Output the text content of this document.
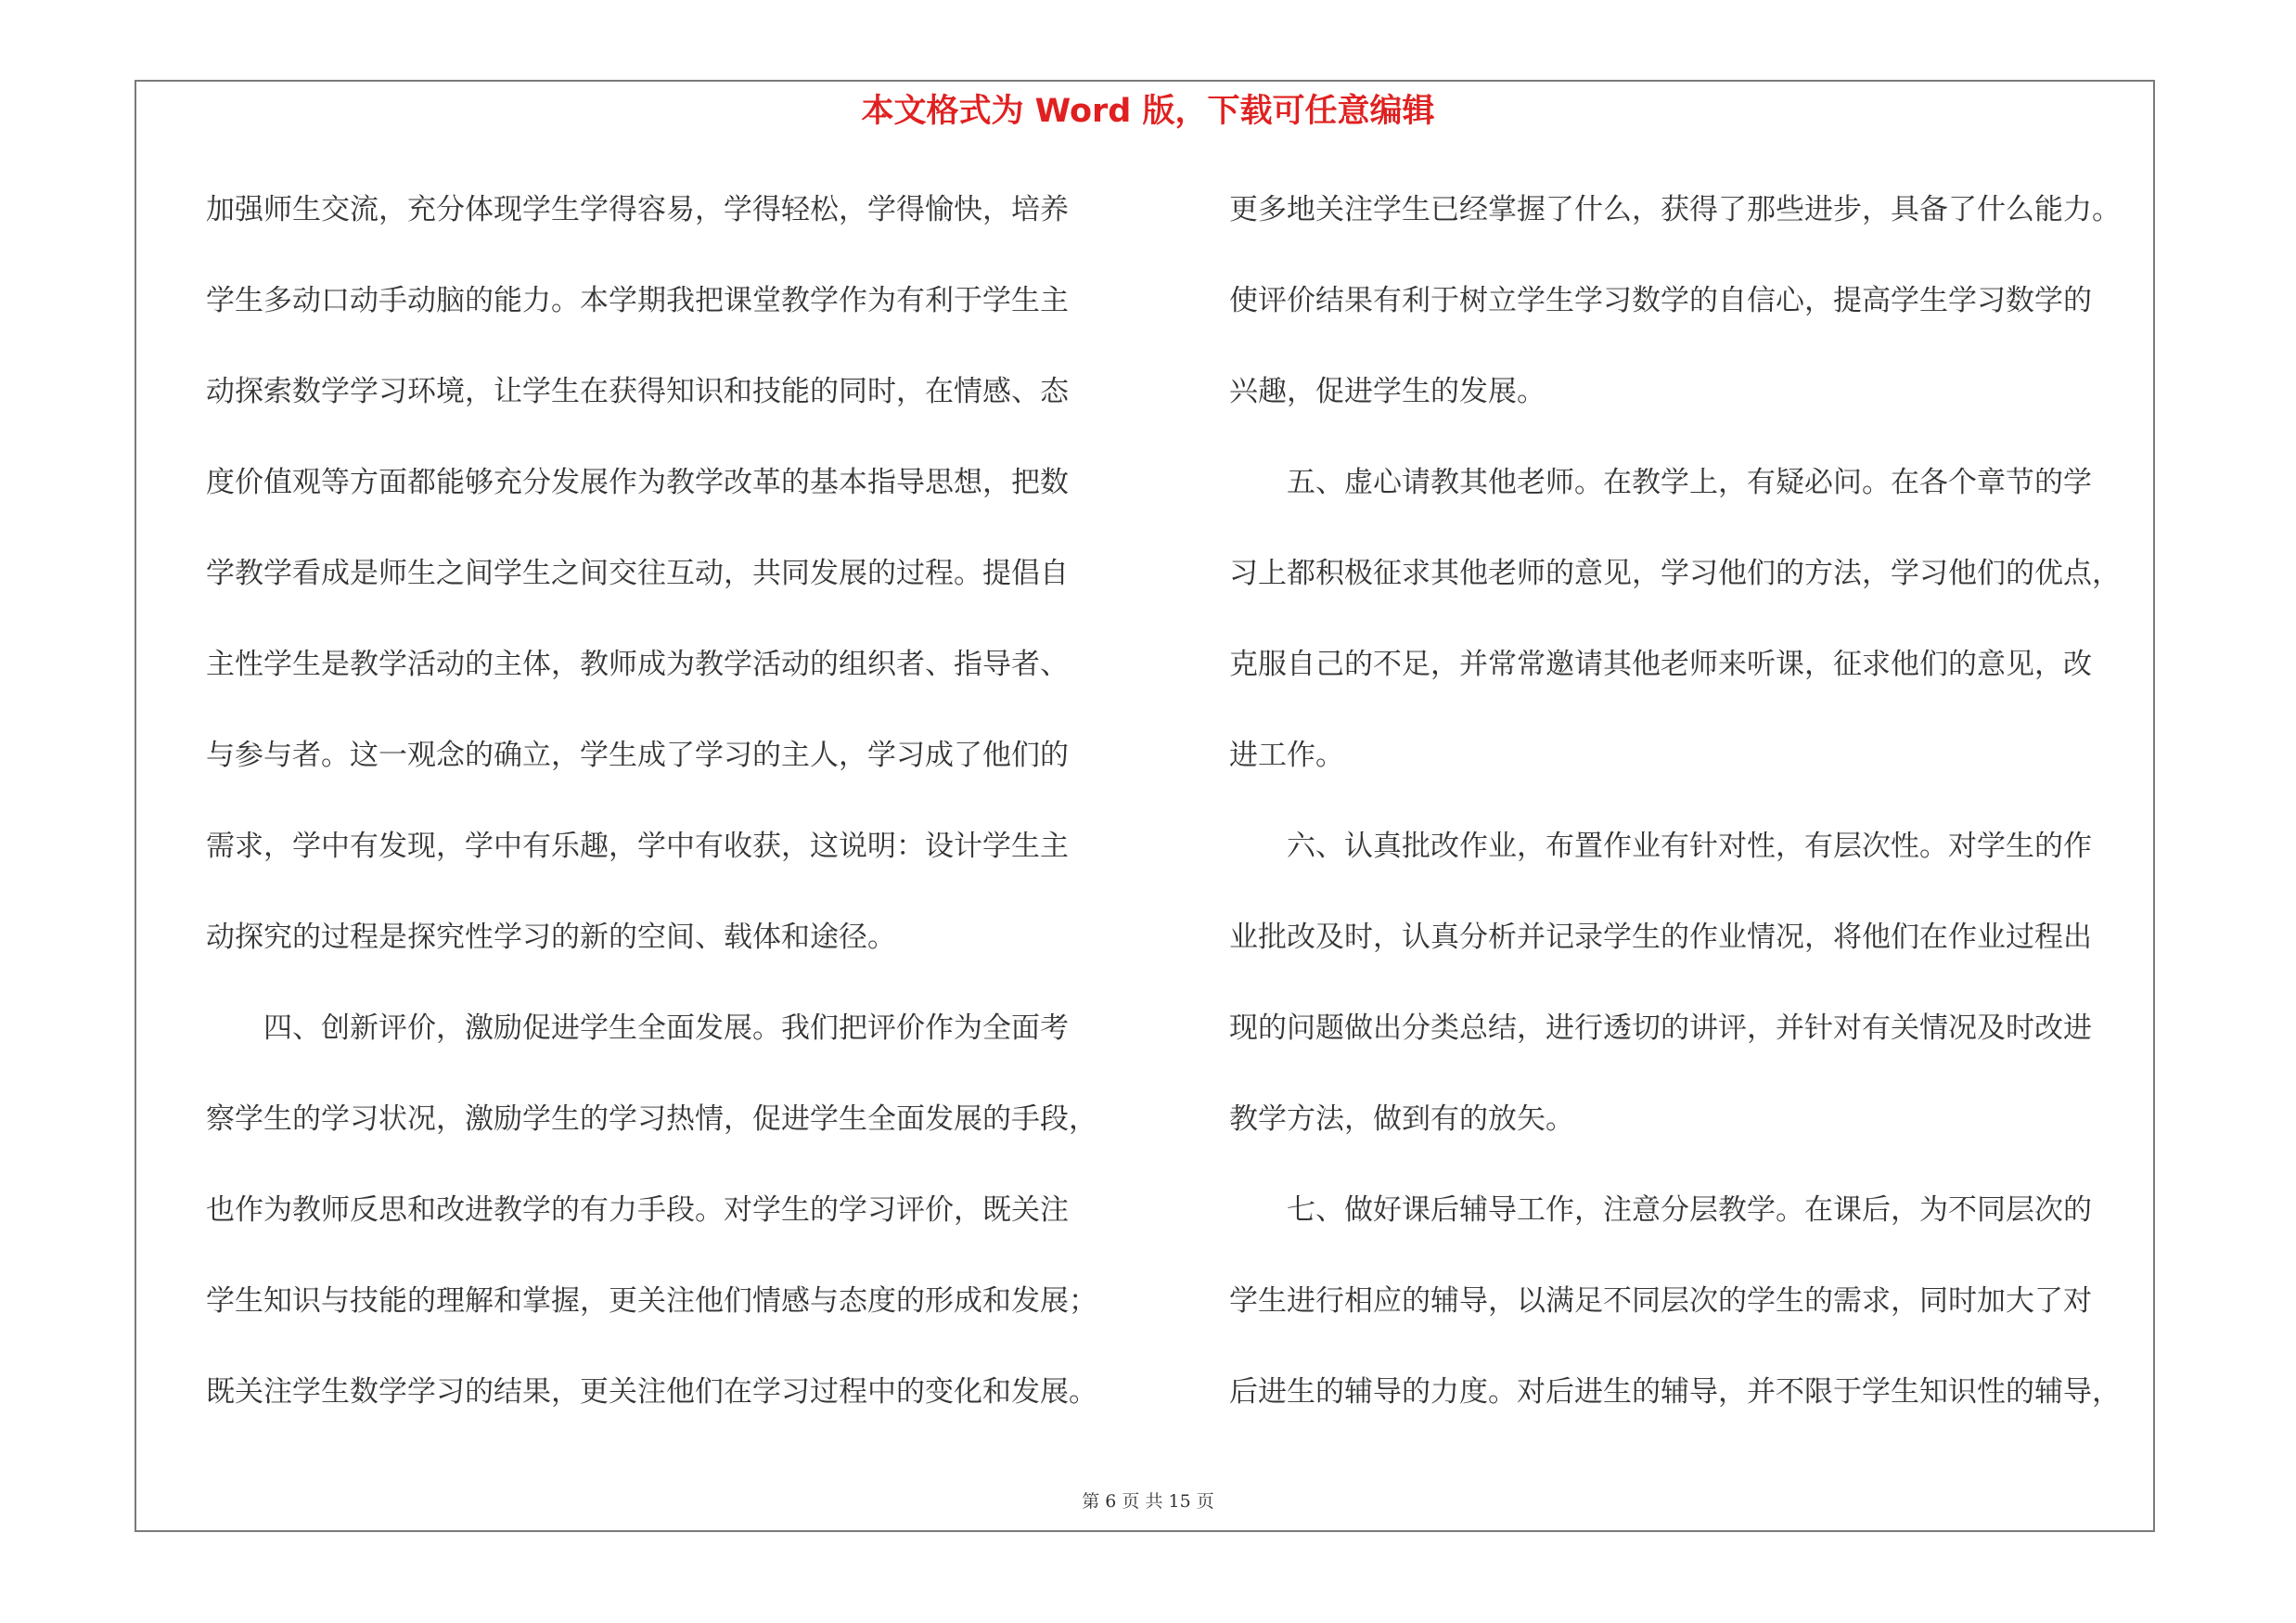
本文格式为 Word 版，下载可任意编辑
加强师生交流，充分体现学生学得容易，学得轻松，学得愉快，培养
学生多动口动手动脑的能力。本学期我把课堂教学作为有利于学生主
动探索数学学习环境，让学生在获得知识和技能的同时，在情感、态
度价值观等方面都能够充分发展作为教学改革的基本指导思想，把数
学教学看成是师生之间学生之间交往互动，共同发展的过程。提倡自
主性学生是教学活动的主体，教师成为教学活动的组织者、指导者、
与参与者。这一观念的确立，学生成了学习的主人，学习成了他们的
需求，学中有发现，学中有乐趣，学中有收获，这说明：设计学生主
动探究的过程是探究性学习的新的空间、载体和途径。
　　四、创新评价，激励促进学生全面发展。我们把评价作为全面考
察学生的学习状况，激励学生的学习热情，促进学生全面发展的手段，
也作为教师反思和改进教学的有力手段。对学生的学习评价，既关注
学生知识与技能的理解和掌握，更关注他们情感与态度的形成和发展；
既关注学生数学学习的结果，更关注他们在学习过程中的变化和发展。
更多地关注学生已经掌握了什么，获得了那些进步，具备了什么能力。
使评价结果有利于树立学生学习数学的自信心，提高学生学习数学的
兴趣，促进学生的发展。
　　五、虚心请教其他老师。在教学上，有疑必问。在各个章节的学
习上都积极征求其他老师的意见，学习他们的方法，学习他们的优点，
克服自己的不足，并常常邀请其他老师来听课，征求他们的意见，改
进工作。
　　六、认真批改作业，布置作业有针对性，有层次性。对学生的作
业批改及时，认真分析并记录学生的作业情况，将他们在作业过程出
现的问题做出分类总结，进行透切的讲评，并针对有关情况及时改进
教学方法，做到有的放矢。
　　七、做好课后辅导工作，注意分层教学。在课后，为不同层次的
学生进行相应的辅导，以满足不同层次的学生的需求，同时加大了对
后进生的辅导的力度。对后进生的辅导，并不限于学生知识性的辅导，
第 6 页 共 15 页
